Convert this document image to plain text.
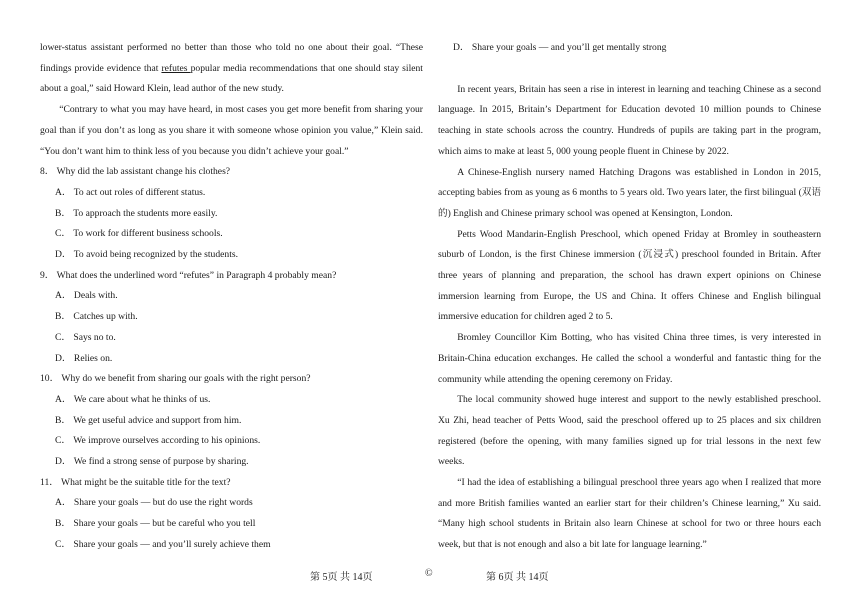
lower-status assistant performed no better than those who told no one about their goal. “These findings provide evidence that refutes popular media recommendations that one should stay silent about a goal,” said Howard Klein, lead author of the new study.

“Contrary to what you may have heard, in most cases you get more benefit from sharing your goal than if you don’t as long as you share it with someone whose opinion you value,” Klein said. “You don’t want him to think less of you because you didn’t achieve your goal.”

8． Why did the lab assistant change his clothes?

A． To act out roles of different status.

B． To approach the students more easily.

C． To work for different business schools.

D． To avoid being recognized by the students.

9． What does the underlined word “refutes” in Paragraph 4 probably mean?

A． Deals with.

B． Catches up with.

C． Says no to.

D． Relies on.

10． Why do we benefit from sharing our goals with the right person?

A． We care about what he thinks of us.

B． We get useful advice and support from him.

C． We improve ourselves according to his opinions.

D． We find a strong sense of purpose by sharing.

11． What might be the suitable title for the text?

A． Share your goals — but do use the right words

B． Share your goals — but be careful who you tell

C． Share your goals — and you’ll surely achieve them

D． Share your goals — and you’ll get mentally strong

In recent years, Britain has seen a rise in interest in learning and teaching Chinese as a second language. In 2015, Britain’s Department for Education devoted 10 million pounds to Chinese teaching in state schools across the country. Hundreds of pupils are taking part in the program, which aims to make at least 5, 000 young people fluent in Chinese by 2022.

A Chinese-English nursery named Hatching Dragons was established in London in 2015, accepting babies from as young as 6 months to 5 years old. Two years later, the first bilingual (双语的) English and Chinese primary school was opened at Kensington, London.

Petts Wood Mandarin-English Preschool, which opened Friday at Bromley in southeastern suburb of London, is the first Chinese immersion (沉浸式) preschool founded in Britain. After three years of planning and preparation, the school has drawn expert opinions on Chinese immersion learning from Europe, the US and China. It offers Chinese and English bilingual immersive education for children aged 2 to 5.

Bromley Councillor Kim Botting, who has visited China three times, is very interested in Britain-China education exchanges. He called the school a wonderful and fantastic thing for the community while attending the opening ceremony on Friday.

The local community showed huge interest and support to the newly established preschool. Xu Zhi, head teacher of Petts Wood, said the preschool offered up to 25 places and six children registered (before the opening, with many families signed up for trial lessons in the next few weeks.

“I had the idea of establishing a bilingual preschool three years ago when I realized that more and more British families wanted an earlier start for their children’s Chinese learning,” Xu said. “Many high school students in Britain also learn Chinese at school for two or three hours each week, but that is not enough and also a bit late for language learning.”

第 5页 共 14页	©	第 6页 共 14页
